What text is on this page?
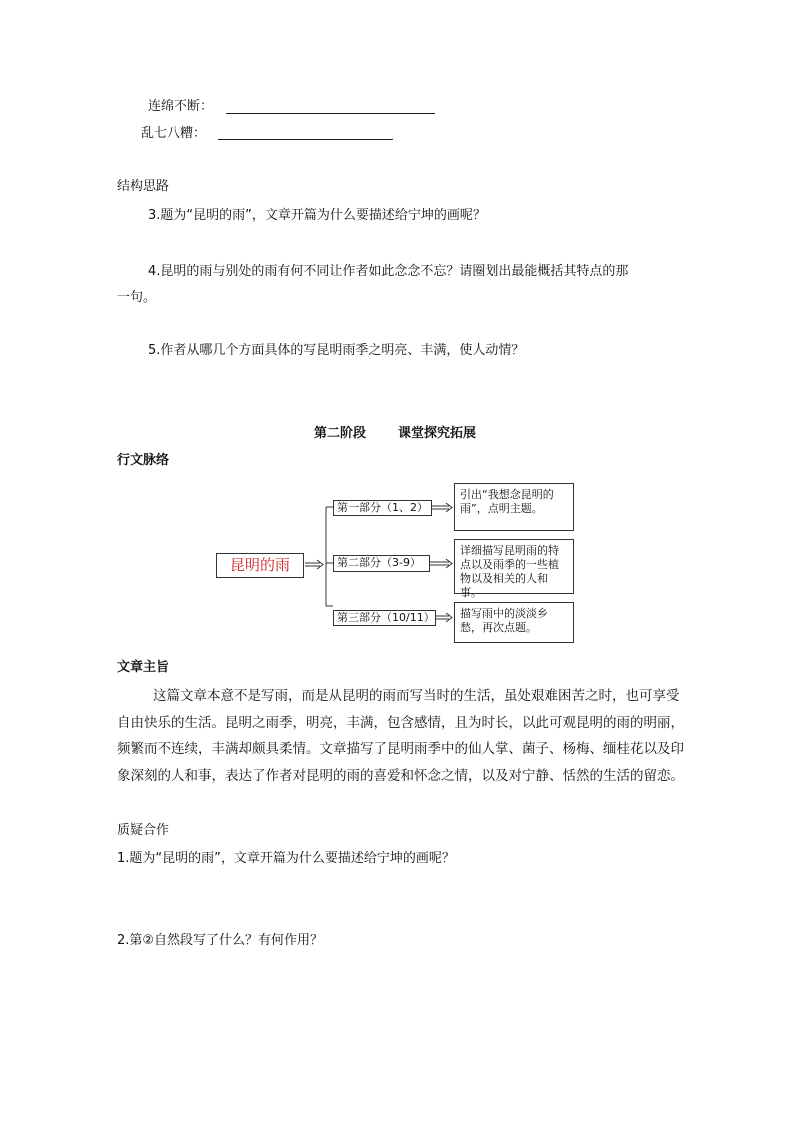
连绵不断：
乱七八糟：
结构思路
3.题为“昆明的雨”，文章开篇为什么要描述给宁坤的画呢？
4.昆明的雨与别处的雨有何不同让作者如此念念不忘？请圈划出最能概括其特点的那
一句。
5.作者从哪几个方面具体的写昆明雨季之明亮、丰满，使人动情？
第二阶段 课堂探究拓展
行文脉络
昆明的雨
第一部分（1、2）
第二部分（3-9）
第三部分（10/11）
引出“我想念昆明的雨”，点明主题。
详细描写昆明雨的特点以及雨季的一些植物以及相关的人和事。
描写雨中的淡淡乡愁，再次点题。
文章主旨
这篇文章本意不是写雨，而是从昆明的雨而写当时的生活，虽处艰难困苦之时，也可享受自由快乐的生活。昆明之雨季，明亮，丰满，包含感情，且为时长，以此可观昆明的雨的明丽，频繁而不连续，丰满却颇具柔情。文章描写了昆明雨季中的仙人掌、菌子、杨梅、缅桂花以及印象深刻的人和事，表达了作者对昆明的雨的喜爱和怀念之情，以及对宁静、恬然的生活的留恋。
质疑合作
1.题为“昆明的雨”，文章开篇为什么要描述给宁坤的画呢？
2.第②自然段写了什么？有何作用？
